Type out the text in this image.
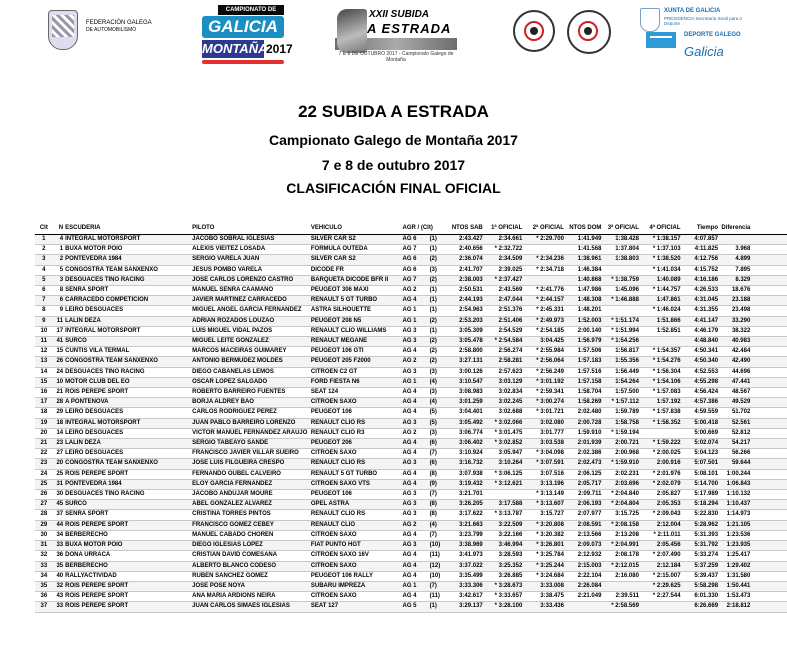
FEDERACIÓN GALEGA
DE AUTOMOBILISMO
CAMPIONATO DE
GALICIA
MONTAÑA
2017
XXII SUBIDA
A ESTRADA
7 E 8 DE OUTUBRO 2017 - Campionato Galego de Montaña
XUNTA DE GALICIA
PRESIDENCIA Secretaría Xeral para o Deporte
DEPORTE GALEGO
Galicia
22 SUBIDA A ESTRADA
Campionato Galego de Montaña 2017
7 e 8 de outubro 2017
CLASIFICACIÓN FINAL OFICIAL
Clt	N	ESCUDERIA	PILOTO	VEHICULO	AGR / (Clt)		NTOS SAB	1ª OFICIAL	2ª OFICIAL	NTOS DOM	3ª OFICIAL	4ª OFICIAL	Tiempo	Diferencia	
1	4	INTEGRAL MOTORSPORT	JACOBO SOBRAL IGLESIAS	SILVER CAR S2	AG 6	(1)	2:43.427	2:34.661	* 2:29.700	1:41.949	1:38.428	* 1:38.157	4:07.857		
2	1	BUXA MOTOR POIO	ALEXIS VIEITEZ LOSADA	FORMULA OUTEDA	AG 7	(1)	2:40.656	* 2:32.722		1:41.568	1:37.804	* 1:37.103	4:11.825	3.968	
3	2	PONTEVEDRA 1984	SERGIO VARELA JUAN	SILVER CAR S2	AG 6	(2)	2:36.074	2:34.509	* 2:34.236	1:38.961	1:38.803	* 1:38.520	4:12.756	4.899	
4	5	CONGOSTRA TEAM SANXENXO	JESUS POMBO VARELA	DICODE FR	AG 6	(3)	2:41.707	2:39.025	* 2:34.718	1:46.384		* 1:41.034	4:15.752	7.895	
5	3	DESGUACES TINO RACING	JOSE CARLOS LORENZO CASTRO	BARQUETA DICODE BFR II	AG 7	(2)	2:38.003	* 2:37.427		1:40.868	* 1:38.759	1:40.089	4:16.186	8.329	
6	8	SENRA SPORT	MANUEL SENRA CAAMAÑO	PEUGEOT 306 MAXI	AG 2	(1)	2:50.531	2:43.569	* 2:41.776	1:47.986	1:45.096	* 1:44.757	4:26.533	18.676	
7	6	CARRACEDO COMPETICION	JAVIER MARTINEZ CARRACEDO	RENAULT 5 GT TURBO	AG 4	(1)	2:44.193	2:47.044	* 2:44.157	1:48.308	* 1:46.888	1:47.861	4:31.045	23.188	
8	9	LEIRO DESGUACES	MIGUEL ANGEL GARCIA FERNANDEZ	ASTRA SILHOUETTE	AG 1	(1)	2:54.963	2:51.376	* 2:45.331	1:48.201		* 1:46.024	4:31.355	23.498	
9	11	LALIN DEZA	ADRIAN ROZADOS LOUZAO	PEUGEOT 208 N5	AG 1	(2)	2:53.203	2:51.406	* 2:49.973	1:52.003	* 1:51.174	1:51.866	4:41.147	33.290	
10	17	INTEGRAL MOTORSPORT	LUIS MIGUEL VIDAL PAZOS	RENAULT CLIO WILLIAMS	AG 3	(1)	3:05.309	2:54.529	* 2:54.185	2:00.140	* 1:51.994	1:52.851	4:46.179	38.322	
11	41	SURCO	MIGUEL LEITE GONZALEZ	RENAULT MEGANE	AG 3	(2)	3:05.478	* 2:54.584	3:04.425	1:56.979	* 1:54.256		4:48.840	40.983	
12	15	CUNTIS VILA TERMAL	MARCOS MACEIRAS GUIMAREY	PEUGEOT 106 GTI	AG 4	(2)	2:58.800	2:56.274	* 2:55.984	1:57.506	1:56.817	* 1:54.357	4:50.341	42.484	
13	26	CONGOSTRA TEAM SANXENXO	ANTONIO BERMUDEZ MOLDES	PEUGEOT 205 F2000	AG 2	(2)	3:27.131	2:58.281	* 2:56.064	1:57.183	1:55.356	* 1:54.276	4:50.340	42.490	
14	24	DESGUACES TINO RACING	DIEGO CABANELAS LEMOS	CITROEN C2 GT	AG 3	(3)	3:00.126	2:57.623	* 2:56.249	1:57.516	1:56.449	* 1:56.304	4:52.553	44.696	
15	10	MOTOR CLUB DEL EO	OSCAR LOPEZ SALGADO	FORD FIESTA N6	AG 1	(4)	3:10.547	3:03.129	* 3:01.192	1:57.158	1:54.264	* 1:54.106	4:55.298	47.441	
16	21	ROIS PEREPE SPORT	ROBERTO BARREIRO FUENTES	SEAT 124	AG 4	(3)	3:08.983	3:02.834	* 2:59.341	1:58.704	1:57.500	* 1:57.083	4:56.424	48.567	
17	28	A PONTENOVA	BORJA ALDREY BAO	CITROEN SAXO	AG 4	(4)	3:01.259	3:02.245	* 3:00.274	1:58.269	* 1:57.112	1:57.192	4:57.386	49.529	
18	29	LEIRO DESGUACES	CARLOS RODRIGUEZ PEREZ	PEUGEOT 106	AG 4	(5)	3:04.401	3:02.688	* 3:01.721	2:02.480	1:59.789	* 1:57.838	4:59.559	51.702	
19	18	INTEGRAL MOTORSPORT	JUAN PABLO BARREIRO LORENZO	RENAULT CLIO RS	AG 3	(5)	3:05.492	* 3:02.066	3:02.080	2:00.728	1:58.758	* 1:58.352	5:00.418	52.561	
20	14	LEIRO DESGUACES	VICTOR MANUEL FERNANDEZ ARAUJO	RENAULT CLIO R3	AG 2	(3)	3:06.774	* 3:01.475	3:01.777	1:59.910	* 1:59.194		5:00.669	52.812	
21	23	LALIN DEZA	SERGIO TABEAYO SANDE	PEUGEOT 206	AG 4	(6)	3:06.402	* 3:02.852	3:03.538	2:01.939	2:00.721	* 1:59.222	5:02.074	54.217	
22	27	LEIRO DESGUACES	FRANCISCO JAVIER VILLAR SUEIRO	CITROEN SAXO	AG 4	(7)	3:10.924	3:05.947	* 3:04.098	2:02.386	2:00.968	* 2:00.025	5:04.123	56.266	
23	20	CONGOSTRA TEAM SANXENXO	JOSE LUIS FILGUEIRA CRESPO	RENAULT CLIO RS	AG 3	(6)	3:16.732	3:10.264	* 3:07.591	2:02.473	* 1:59.910	2:00.916	5:07.501	59.644	
24	25	ROIS PEREPE SPORT	FERNANDO OUBEL CALVEIRO	RENAULT 5 GT TURBO	AG 4	(8)	3:07.938	* 3:06.125	3:07.516	2:06.125	2:02.231	* 2:01.976	5:08.101	1:00.244	
25	31	PONTEVEDRA 1984	ELOY GARCIA FERNANDEZ	CITROEN SAXO VTS	AG 4	(9)	3:19.432	* 3:12.621	3:13.196	2:05.717	2:03.696	* 2:02.079	5:14.700	1:06.843	
26	30	DESGUACES TINO RACING	JACOBO ANDUJAR MOURE	PEUGEOT 106	AG 3	(7)	3:21.701		* 3:13.149	2:09.711	* 2:04.840	2:05.827	5:17.989	1:10.132	
27	45	SURCO	ABEL GONZALEZ ALVAREZ	OPEL ASTRA	AG 3	(8)	3:26.205	3:17.588	* 3:13.607	2:06.193	* 2:04.804	2:05.353	5:18.294	1:10.437	
28	37	SENRA SPORT	CRISTINA TORRES PINTOS	RENAULT CLIO RS	AG 3	(8)	3:17.622	* 3:13.787	3:15.727	2:07.977	3:15.725	* 2:09.043	5:22.830	1:14.973	
29	44	ROIS PEREPE SPORT	FRANCISCO GÓMEZ CEBEY	RENAULT CLIO	AG 2	(4)	3:21.663	3:22.509	* 3:20.808	2:08.591	* 2:08.158	2:12.004	5:28.962	1:21.105	
30	34	BERBERECHO	MANUEL CABADO CHOREN	CITROEN SAXO	AG 4	(7)	3:23.799	3:22.166	* 3:20.382	2:13.566	2:13.208	* 2:11.011	5:31.393	1:23.536	
31	33	BUXA MOTOR POIO	DIEGO IGLESIAS LOPEZ	FIAT PUNTO HGT	AG 3	(10)	3:38.969	3:46.994	* 3:26.801	2:09.073	* 2:04.991	2:05.456	5:31.792	1:23.935	
32	36	DONA URRACA	CRISTIAN DAVID COMESAÑA	CITROEN SAXO 16V	AG 4	(11)	3:41.973	3:28.593	* 3:25.784	2:12.932	2:08.178	* 2:07.490	5:33.274	1:25.417	
33	35	BERBERECHO	ALBERTO BLANCO CODESO	CITROEN SAXO	AG 4	(12)	3:37.022	3:25.352	* 3:25.244	2:15.003	* 2:12.015	2:12.184	5:37.259	1:29.402	
34	40	RALLYACTIVIDAD	RUBEN SANCHEZ GOMEZ	PEUGEOT 106 RALLY	AG 4	(10)	3:35.499	3:26.885	* 3:24.684	2:22.104	2:16.080	* 2:15.007	5:39.437	1:31.580	
35	32	ROIS PEREPE SPORT	JOSE POSE NOYA	SUBARU IMPREZA	AG 1	(7)	3:33.306	* 3:28.673	3:33.008	2:26.084		* 2:29.625	5:58.298	1:50.441	
36	43	ROIS PEREPE SPORT	ANA MARIA ARDIONS NEIRA	CITROEN SAXO	AG 4	(11)	3:42.617	* 3:33.657	3:38.475	2:21.049	2:39.511	* 2:27.544	6:01.330	1:53.473	
37	33	ROIS PEREPE SPORT	JUAN CARLOS SIMAES IGLESIAS	SEAT 127	AG 5	(1)	3:29.137	* 3:28.100	3:33.436		* 2:58.569		6:26.669	2:18.812	
